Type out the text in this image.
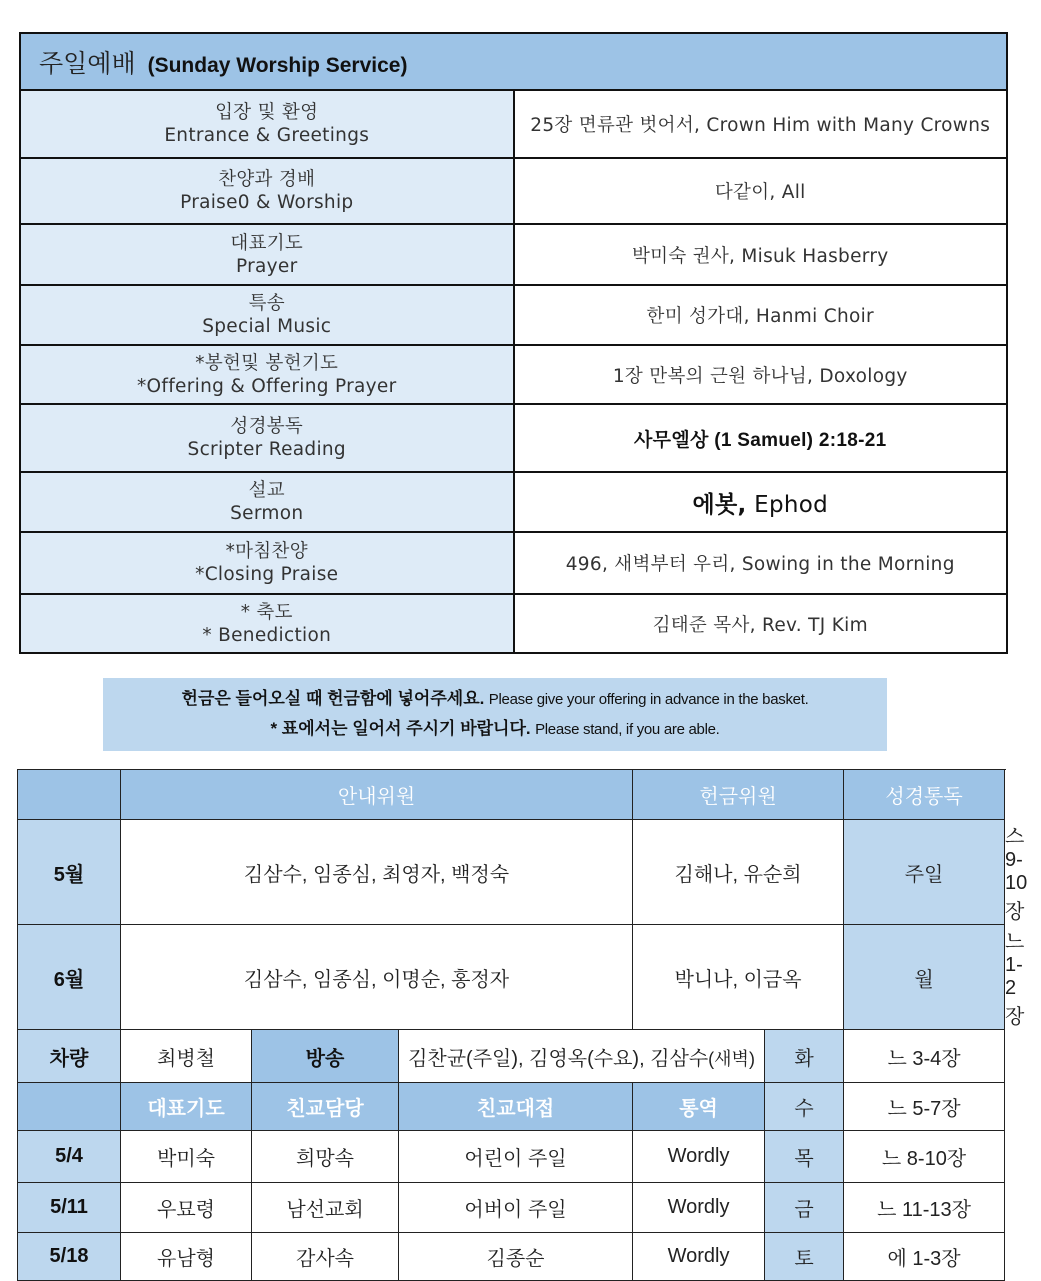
주일예배 (Sunday Worship Service)	

입장 및 환영
Entrance & Greetings	25장 면류관 벗어서, Crown Him with Many Crowns

찬양과 경배
Praise0 & Worship	다같이, All

대표기도
Prayer	박미숙 권사, Misuk Hasberry

특송
Special Music	한미 성가대, Hanmi Choir

*봉헌및 봉헌기도
*Offering & Offering Prayer	1장 만복의 근원 하나님, Doxology

성경봉독
Scripter Reading	사무엘상 (1 Samuel) 2:18-21

설교
Sermon	에봇, Ephod

*마침찬양
*Closing Praise	496, 새벽부터 우리, Sowing in the Morning

* 축도
* Benediction	김태준 목사, Rev. TJ Kim
헌금은 들어오실 때 헌금함에 넣어주세요. Please give your offering in advance in the basket.
* 표에서는 일어서 주시기 바랍니다. Please stand, if you are able.
	안내위원			헌금위원		성경통독	
5월	김삼수, 임종심, 최영자, 백정숙			김해나, 유순희		주일	스 9-10장
6월	김삼수, 임종심, 이명순, 홍정자			박니나, 이금옥		월	느 1-2장
차량	최병철	방송	김찬균(주일), 김영옥(수요), 김삼수(새벽)		화	느 3-4장	
	대표기도	친교담당	친교대접	통역	수	느 5-7장	
5/4	박미숙	희망속	어린이 주일	Wordly	목	느 8-10장	
5/11	우묘령	남선교회	어버이 주일	Wordly	금	느 11-13장	
5/18	유남형	감사속	김종순	Wordly	토	에 1-3장	
